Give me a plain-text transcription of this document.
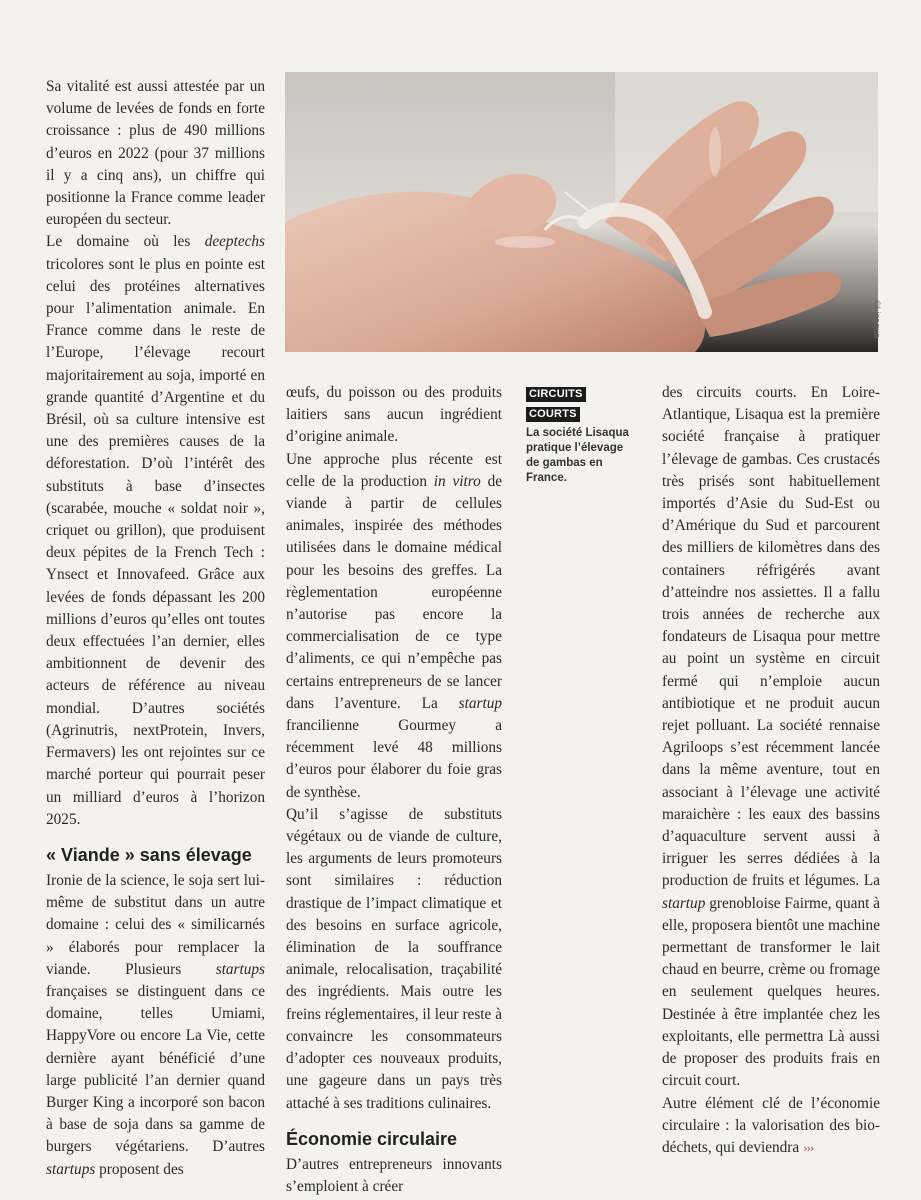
Sa vitalité est aussi attestée par un volume de levées de fonds en forte croissance : plus de 490 millions d’euros en 2022 (pour 37 millions il y a cinq ans), un chiffre qui positionne la France comme leader européen du secteur.

Le domaine où les deeptechs tricolores sont le plus en pointe est celui des protéines alternatives pour l’alimentation animale. En France comme dans le reste de l’Europe, l’élevage recourt majoritairement au soja, importé en grande quantité d’Argentine et du Brésil, où sa culture intensive est une des premières causes de la déforestation. D’où l’intérêt des substituts à base d’insectes (scarabée, mouche « soldat noir », criquet ou grillon), que produisent deux pépites de la French Tech : Ynsect et Innovafeed. Grâce aux levées de fonds dépassant les 200 millions d’euros qu’elles ont toutes deux effectuées l’an dernier, elles ambitionnent de devenir des acteurs de référence au niveau mondial. D’autres sociétés (Agrinutris, nextProtein, Invers, Fermavers) les ont rejointes sur ce marché porteur qui pourrait peser un milliard d’euros à l’horizon 2025.

« Viande » sans élevage

Ironie de la science, le soja sert lui-même de substitut dans un autre domaine : celui des « similicarnés » élaborés pour remplacer la viande. Plusieurs startups françaises se distinguent dans ce domaine, telles Umiami, HappyVore ou encore La Vie, cette dernière ayant bénéficié d’une large publicité l’an dernier quand Burger King a incorporé son bacon à base de soja dans sa gamme de burgers végétariens. D’autres startups proposent des

©Lisaqua

œufs, du poisson ou des produits laitiers sans aucun ingrédient d’origine animale.

Une approche plus récente est celle de la production in vitro de viande à partir de cellules animales, inspirée des méthodes utilisées dans le domaine médical pour les besoins des greffes. La règlementation européenne n’autorise pas encore la commercialisation de ce type d’aliments, ce qui n’empêche pas certains entrepreneurs de se lancer dans l’aventure. La startup francilienne Gourmey a récemment levé 48 millions d’euros pour élaborer du foie gras de synthèse.

Qu’il s’agisse de substituts végétaux ou de viande de culture, les arguments de leurs promoteurs sont similaires : réduction drastique de l’impact climatique et des besoins en surface agricole, élimination de la souffrance animale, relocalisation, traçabilité des ingrédients. Mais outre les freins réglementaires, il leur reste à convaincre les consommateurs d’adopter ces nouveaux produits, une gageure dans un pays très attaché à ses traditions culinaires.

Économie circulaire

D’autres entrepreneurs innovants s’emploient à créer

CIRCUITS
COURTS
La société Lisaqua pratique l’élevage de gambas en France.

des circuits courts. En Loire-Atlantique, Lisaqua est la première société française à pratiquer l’élevage de gambas. Ces crustacés très prisés sont habituellement importés d’Asie du Sud-Est ou d’Amérique du Sud et parcourent des milliers de kilomètres dans des containers réfrigérés avant d’atteindre nos assiettes. Il a fallu trois années de recherche aux fondateurs de Lisaqua pour mettre au point un système en circuit fermé qui n’emploie aucun antibiotique et ne produit aucun rejet polluant. La société rennaise Agriloops s’est récemment lancée dans la même aventure, tout en associant à l’élevage une activité maraichère : les eaux des bassins d’aquaculture servent aussi à irriguer les serres dédiées à la production de fruits et légumes. La startup grenobloise Fairme, quant à elle, proposera bientôt une machine permettant de transformer le lait chaud en beurre, crème ou fromage en seulement quelques heures. Destinée à être implantée chez les exploitants, elle permettra Là aussi de proposer des produits frais en circuit court.

Autre élément clé de l’économie circulaire : la valorisation des bio-déchets, qui deviendra ›››
